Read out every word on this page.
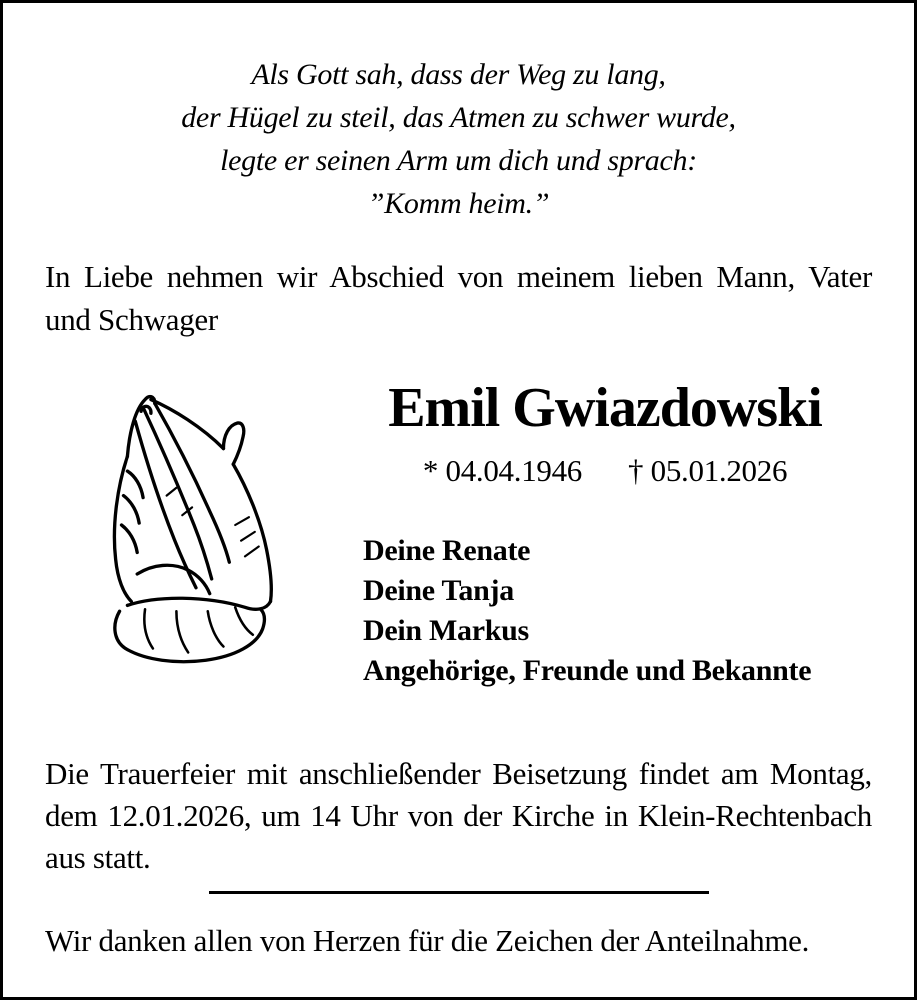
Als Gott sah, dass der Weg zu lang,
der Hügel zu steil, das Atmen zu schwer wurde,
legte er seinen Arm um dich und sprach:
”Komm heim.”
In Liebe nehmen wir Abschied von meinem lieben Mann, Vater
und Schwager
Emil Gwiazdowski
* 04.04.1946 † 05.01.2026
Deine Renate
Deine Tanja
Dein Markus
Angehörige, Freunde und Bekannte
Die Trauerfeier mit anschließender Beisetzung findet am Montag,
dem 12.01.2026, um 14 Uhr von der Kirche in Klein-Rechtenbach
aus statt.
Wir danken allen von Herzen für die Zeichen der Anteilnahme.
